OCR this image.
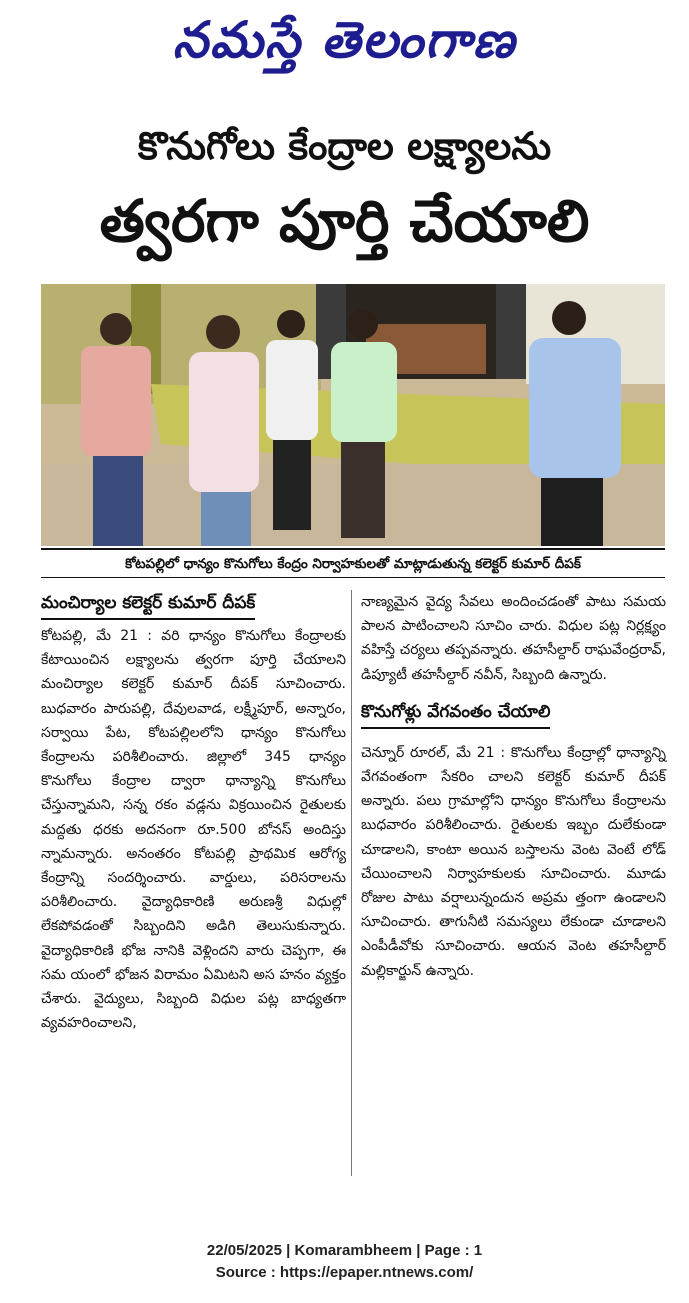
నమస్తే తెలంగాణ
కొనుగోలు కేంద్రాల లక్ష్యాలను
త్వరగా పూర్తి చేయాలి
కోటపల్లిలో ధాన్యం కొనుగోలు కేంద్రం నిర్వాహకులతో మాట్లాడుతున్న కలెక్టర్ కుమార్ దీపక్
మంచిర్యాల కలెక్టర్ కుమార్ దీపక్
కోటపల్లి, మే 21 : వరి ధాన్యం కొనుగోలు కేంద్రాలకు కేటాయించిన లక్ష్యాలను త్వరగా పూర్తి చేయాలని మంచిర్యాల కలెక్టర్ కుమార్ దీపక్ సూచించారు. బుధవారం పారుపల్లి, దేవులవాడ, లక్ష్మీపూర్, అన్నారం, సర్వాయి పేట, కోటపల్లిలలోని ధాన్యం కొనుగోలు కేంద్రాలను పరిశీలించారు. జిల్లాలో 345 ధాన్యం కొనుగోలు కేంద్రాల ద్వారా ధాన్యాన్ని కొనుగోలు చేస్తున్నామని, సన్న రకం వడ్లను విక్రయించిన రైతులకు మద్దతు ధరకు అదనంగా రూ.500 బోనస్ అందిస్తు న్నామన్నారు. అనంతరం కోటపల్లి ప్రాథమిక ఆరోగ్య కేంద్రాన్ని సందర్శించారు. వార్డులు, పరిసరాలను పరిశీలించారు. వైద్యాధికారిణి అరుణశ్రీ విధుల్లో లేకపోవడంతో సిబ్బందిని అడిగి తెలుసుకున్నారు. వైద్యాధికారిణి భోజ నానికి వెళ్లిందని వారు చెప్పగా, ఈ సమ యంలో భోజన విరామం ఏమిటని అస హనం వ్యక్తం చేశారు. వైద్యులు, సిబ్బంది విధుల పట్ల బాధ్యతగా వ్యవహరించాలని,
నాణ్యమైన వైద్య సేవలు అందించడంతో పాటు సమయ పాలన పాటించాలని సూచిం చారు. విధుల పట్ల నిర్లక్ష్యం వహిస్తే చర్యలు తప్పవన్నారు. తహసీల్దార్ రాఘవేంద్రరావ్, డిప్యూటీ తహసీల్దార్ నవీన్, సిబ్బంది ఉన్నారు.
కొనుగోళ్లు వేగవంతం చేయాలి
చెన్నూర్ రూరల్, మే 21 : కొనుగోలు కేంద్రాల్లో ధాన్యాన్ని వేగవంతంగా సేకరిం చాలని కలెక్టర్ కుమార్ దీపక్ అన్నారు. పలు గ్రామాల్లోని ధాన్యం కొనుగోలు కేంద్రాలను బుధవారం పరిశీలించారు. రైతులకు ఇబ్బం దులేకుండా చూడాలని, కాంటా అయిన బస్తాలను వెంట వెంటే లోడ్ చేయించాలని నిర్వాహకులకు సూచించారు. మూడు రోజుల పాటు వర్షాలున్నందున అప్రమ త్తంగా ఉండాలని సూచించారు. తాగునీటి సమస్యలు లేకుండా చూడాలని ఎంపీడీవోకు సూచించారు. ఆయన వెంట తహసీల్దార్ మల్లికార్జున్ ఉన్నారు.
22/05/2025 | Komarambheem | Page : 1
Source : https://epaper.ntnews.com/
